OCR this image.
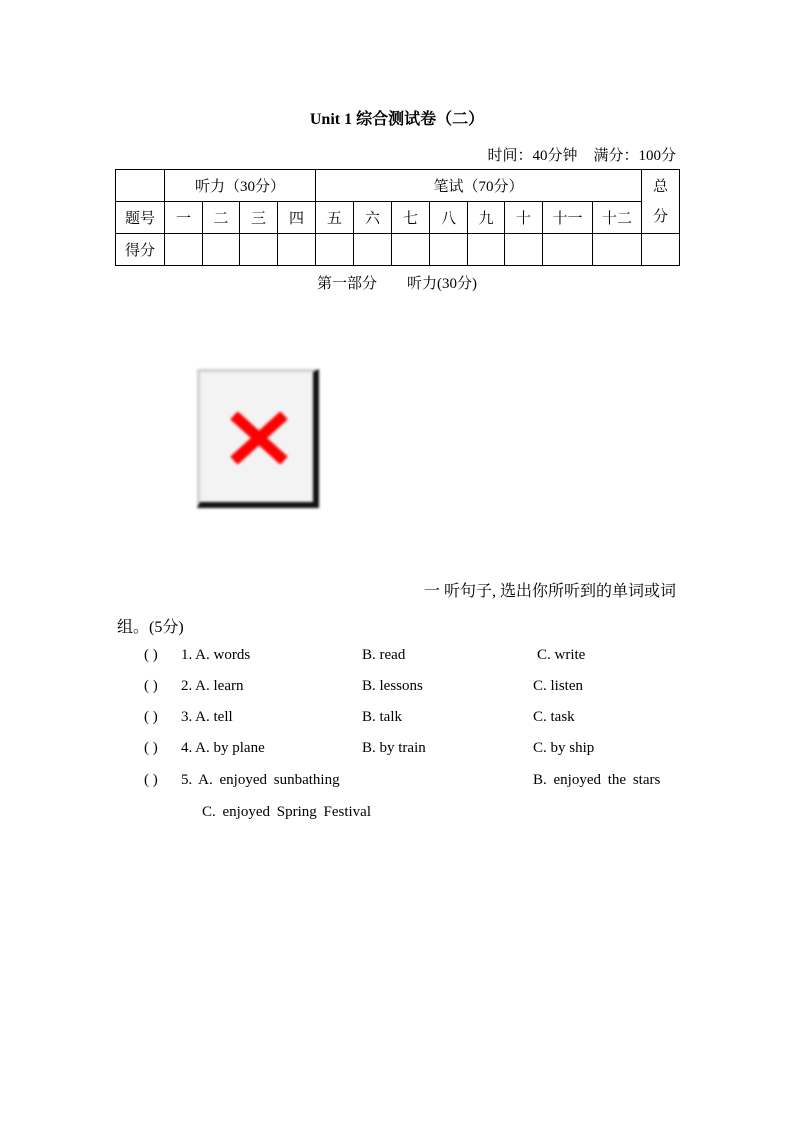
Unit 1 综合测试卷（二）
时间：40分钟 满分：100分
	听力（30分）				笔试（70分）								总
分
题号	一	二	三	四	五	六	七	八	九	十	十一	十二	
得分													
第一部分 听力(30分)
一 听句子, 选出你所听到的单词或词
组。(5分)
( ) 1. A. words	B. read	C. write
( ) 2. A. learn	B. lessons	C. listen
( ) 3. A. tell	B. talk	C. task
( ) 4. A. by plane	B. by train	C. by ship
( ) 5. A. enjoyed sunbathing	B. enjoyed the stars
C. enjoyed Spring Festival
